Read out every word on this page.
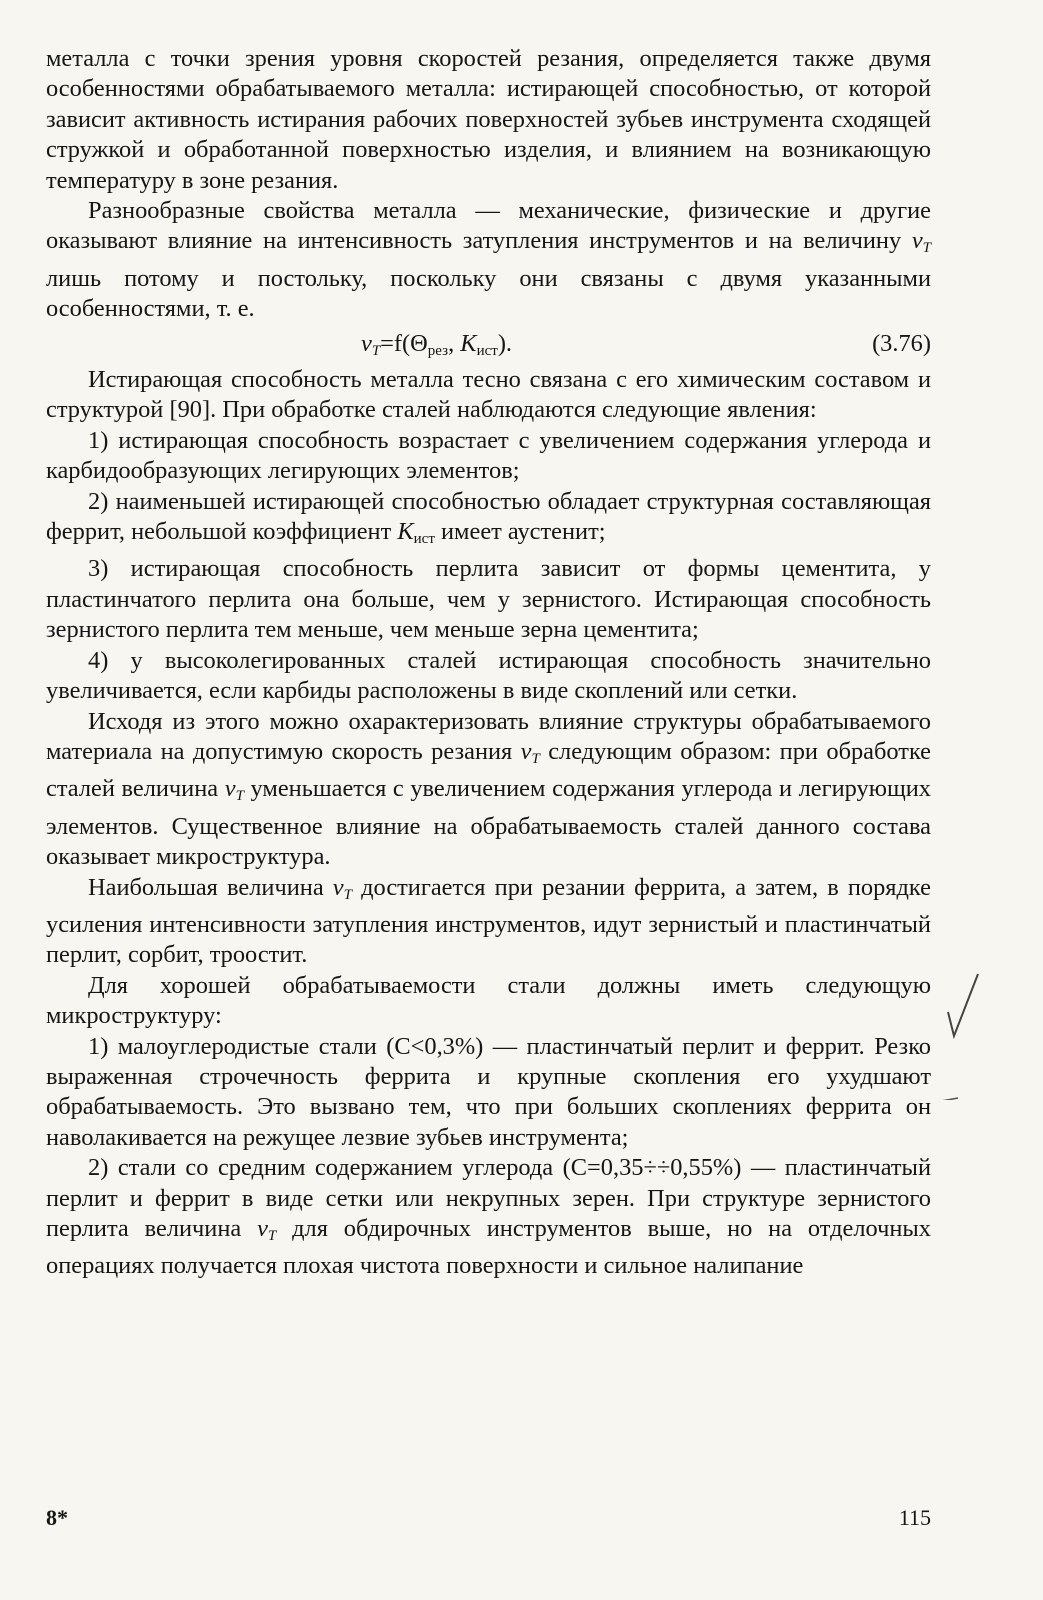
металла с точки зрения уровня скоростей резания, определяется также двумя особенностями обрабатываемого металла: истирающей способностью, от которой зависит активность истирания рабочих поверхностей зубьев инструмента сходящей стружкой и обработанной поверхностью изделия, и влиянием на возникающую температуру в зоне резания.

Разнообразные свойства металла — механические, физические и другие оказывают влияние на интенсивность затупления инструментов и на величину vT лишь потому и постольку, поскольку они связаны с двумя указанными особенностями, т. е.

$vT=f(\Theta_{рез}$, $K_{ист}$).	(3.76)

Истирающая способность металла тесно связана с его химическим составом и структурой [90]. При обработке сталей наблюдаются следующие явления:

1) истирающая способность возрастает с увеличением содержания углерода и карбидообразующих легирующих элементов;

2) наименьшей истирающей способностью обладает структурная составляющая феррит, небольшой коэффициент $K_{ист}$ имеет аустенит;

3) истирающая способность перлита зависит от формы цементита, у пластинчатого перлита она больше, чем у зернистого. Истирающая способность зернистого перлита тем меньше, чем меньше зерна цементита;

4) у высоколегированных сталей истирающая способность значительно увеличивается, если карбиды расположены в виде скоплений или сетки.

Исходя из этого можно охарактеризовать влияние структуры обрабатываемого материала на допустимую скорость резания vT следующим образом: при обработке сталей величина vT уменьшается с увеличением содержания углерода и легирующих элементов. Существенное влияние на обрабатываемость сталей данного состава оказывает микроструктура.

Наибольшая величина vT достигается при резании феррита, а затем, в порядке усиления интенсивности затупления инструментов, идут зернистый и пластинчатый перлит, сорбит, троостит.

Для хорошей обрабатываемости стали должны иметь следующую микроструктуру:

1) малоуглеродистые стали (C<0,3%) — пластинчатый перлит и феррит. Резко выраженная строчечность феррита и крупные скопления его ухудшают обрабатываемость. Это вызвано тем, что при больших скоплениях феррита он наволакивается на режущее лезвие зубьев инструмента;

2) стали со средним содержанием углерода (C=0,35÷÷0,55%) — пластинчатый перлит и феррит в виде сетки или некрупных зерен. При структуре зернистого перлита величина vT для обдирочных инструментов выше, но на отделочных операциях получается плохая чистота поверхности и сильное налипание

8*	115
